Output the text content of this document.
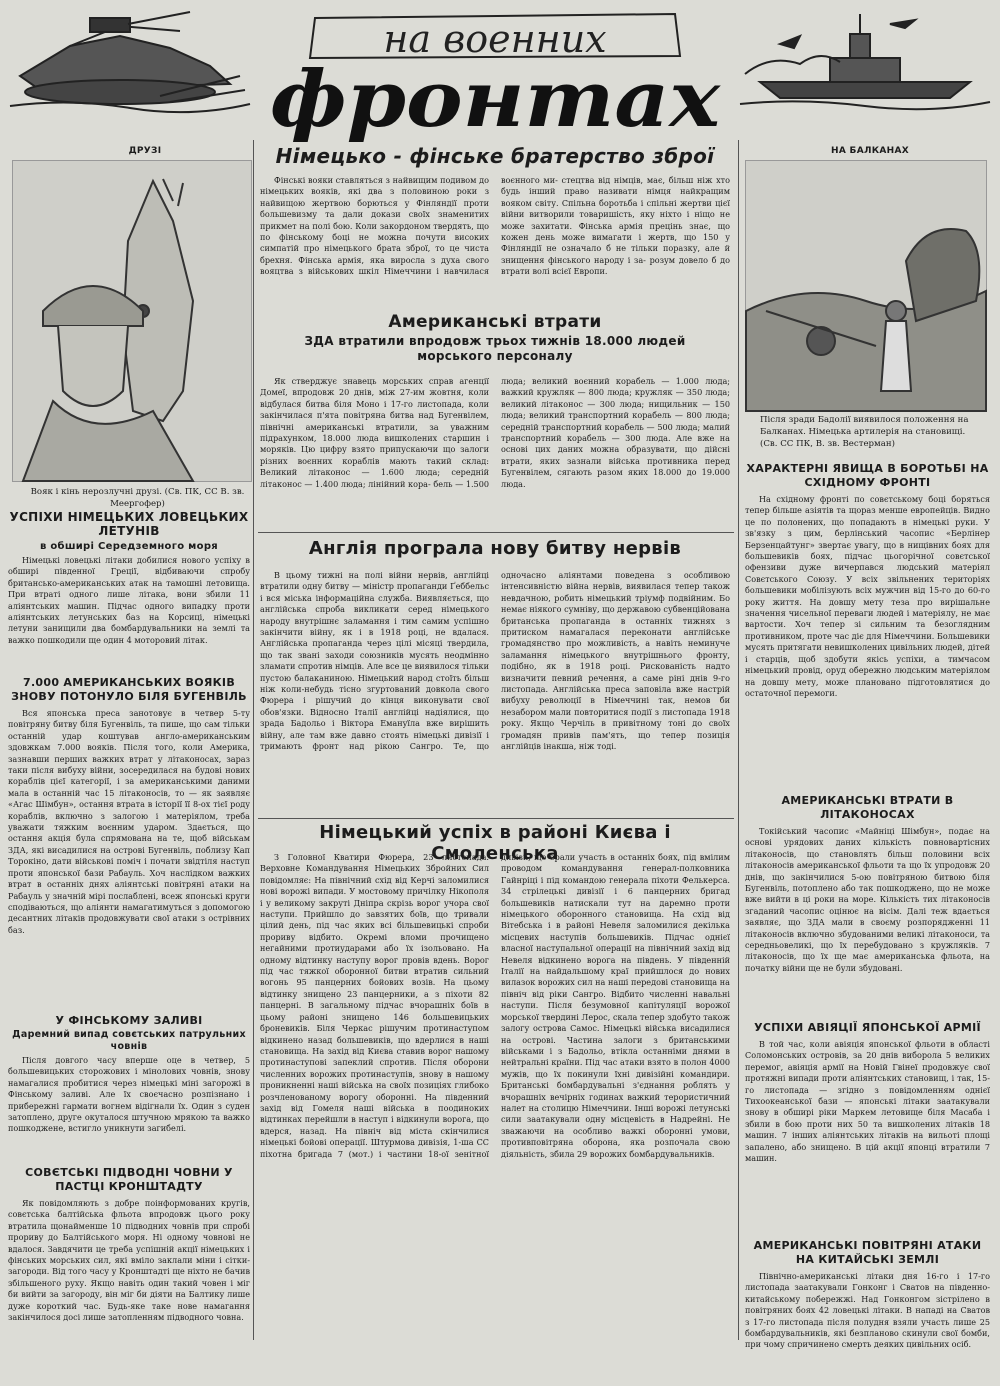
на военних
фронтах
ДРУЗІ
Вояк і кінь нерозлучні друзі. (Св. ПК, СС В. зв. Меергофер)
НА БАЛКАНАХ
Після зради Бадолії виявилося положення на Балканах. Німецька артилерія на становищі. (Св. СС ПК, В. зв. Вестерман)
Німецько - фінське братерство зброї

Фінські вояки ставляться з найвищим подивом до німецьких вояків, які два з половиною роки з найвищою жертвою борються у Фінляндії проти большевизму та дали докази своїх знаменитих прикмет на полі бою. Коли закордоном твердять, що по фінському боці не можна почути високих симпатій про німецького брата зброї, то це чиста брехня. Фінська армія, яка виросла з духа свого вояцтва з військових шкіл Німеччини і навчилася воєнного ми- стецтва від німців, має, більш ніж хто будь інший право називати німця найкращим вояком світу. Спільна боротьба і спільні жертви цієї війни витворили товаришість, яку ніхто і ніщо не може захитати. Фінська армія прецінь знає, що кожен день може вимагати і жертв, що 150 у Фінляндії не означало б не тільки поразку, але й знищення фінського народу і за- розум довело б до втрати волі всієї Европи.

Американські втрати
ЗДА втратили впродовж трьох тижнів 18.000 людей морського персоналу

Як стверджує знавець морських справ агенції Домеї, впродовж 20 днів, між 27-им жовтня, коли відбулася битва біля Моно і 17-го листопада, коли закінчилася п'ята повітряна битва над Бугенвілем, північні американські втратили, за уважним підрахунком, 18.000 люда вишколених старшин і моряків. Цю цифру взято припускаючи що залоги різних воєнних кораблів мають такий склад: Великий літаконос — 1.600 люда; середній літаконос — 1.400 люда; лінійний кора- бель — 1.500 люда; великий воєнний корабель — 1.000 люда; важкий кружляк — 800 люда; кружляк — 350 люда; великий літаконос — 300 люда; нищильник — 150 люда; великий транспортний корабель — 800 люда; середній транспортний корабель — 500 люда; малий транспортний корабель — 300 люда. Але вже на основі цих даних можна образувати, що дійсні втрати, яких зазнали війська противника перед Бугенвілем, сягають разом яких 18.000 до 19.000 люда.

Англія програла нову битву нервів

В цьому тижні на полі війни нервів, англійці втратили одну битву — міністр пропаганди Ґеббельс і вся міська інформаційна служба. Виявляється, що англійська спроба викликати серед німецького народу внутрішнє заламання і тим самим успішно закінчити війну, як і в 1918 році, не вдалася. Англійська пропаганда через цілі місяці твердила, що так звані заходи союзників мусять неодмінно зламати спротив німців. Але все це виявилося тільки пустою балаканиною. Німецький народ стоїть більш ніж коли-небудь тісно згуртований довкола свого Фюрера і рішучий до кінця виконувати свої обов'язки. Відносно Італії англійці надіялися, що зрада Бадольо і Віктора Емануїла вже вирішить війну, але там вже давно стоять німецькі дивізії і тримають фронт над рікою Сангро. Те, що одночасно аліянтами поведена з особливою інтенсивністю війна нервів, виявилася тепер також невдачною, робить німецький тріумф подвійним. Бо немає ніякого сумніву, що державою субвенційована британська пропаганда в останніх тижнях з притиском намагалася переконати англійське громадянство про можливість, а навіть неминуче заламання німецького внутрішнього фронту, подібно, як в 1918 році. Рискованість надто визначити певний речення, а саме ріні днів 9-го листопада. Англійська преса заповіла вже настрій вибуху революції в Німеччині так, немов би незабором мали повторитися події з листопада 1918 року. Якщо Черчіль в привітному тоні до своїх громадян привів пам'ять, що тепер позиція англійців інакша, ніж тоді.

Німецький успіх в районі Києва і Смоленська

З Головної Кватири Фюрера, 23 листопада. Верховне Командування Німецьких Збройних Сил повідомляє: На північний схід від Керчі заломилися нові ворожі випади. У мостовому причілку Нікополя і у великому закрутi Дніпра скрізь ворог учора свої наступи. Прийшло до завзятих боїв, що тривали цілий день, під час яких всі більшевицькі спроби прориву відбито. Окремі вломи прочищено негайними протиударами або їх ізольовано. На одному відтинку наступу ворог провів вдень. Ворог під час тяжкої оборонної битви втратив сильний вогонь 95 панцерних бойових возів. На цьому відтинку знищено 23 панцерники, а з піхоти 82 панцерні. В загальному підчас вчорашніх боїв в цьому районі знищено 146 большевицьких броневиків. Біля Черкас рішучим протинаступом відкинено назад большевиків, що вдерлися в наші становища. На захід від Києва ставив ворог нашому протинаступові запеклий спротив. Після оборони численних ворожих протинаступів, знову в нашому проникненні наші війська на своїх позиціях глибоко розчленованому ворогу обороннi. На південний захід від Гомеля наші війська в поодиноких відтинках перейшли в наступ і відкинули ворога, що вдерся, назад. На північ від міста скінчилися німецькі бойові операції. Штурмова дивізія, 1-ша СС піхотна бригада 7 (мот.) і частини 18-ої зенітної дивізії, що брали участь в останніх боях, під вмілим проводом командування генерал-полковника Гайнріці і під командою генерала піхоти Фелькерса. 34 стрілецькі дивізії і 6 панцерних бригад большевиків натискали тут на даремно проти німецького оборонного становища. На схід від Вітебська і в районі Невеля заломилися декілька місцевих наступів большевиків. Підчас однієї власної наступальної операції на північний захід від Невеля відкинено ворога на південь. У південній Італії на найдальшому краї прийшлося до нових вилазок ворожих сил на наші передові становища на північ від ріки Сангро. Відбито численні навальні наступи. Після безумовної капітуляції ворожої морської твердині Лерос, скала тепер здобуто також залогу острова Самос. Німецькі війська висадилися на острові. Частина залоги з британськими військами і з Бадольо, втікла останніми днями в нейтральні країни. Під час атаки взято в полон 4000 мужів, що їх покинули їхні дивізійні командири. Британські бомбардувальні з'єднання роблять у вчорашніх вечірніх годинах важкий терористичний налет на столицю Німеччини. Інші ворожі летунські сили заатакували одну місцевість в Надрейні. Не зважаючи на особливо важкі оборонні умови, противповітряна оборона, яка розпочала свою діяльність, збила 29 ворожих бомбардувальників.

УСПІХИ НІМЕЦЬКИХ ЛОВЕЦЬКИХ ЛЕТУНІВ
в обширі Середземного моря

Німецькі ловецькі літаки добилися нового успіху в обширі південної Греції, відбиваючи спробу британсько-американських атак на тамошні летовища. При втраті одного лише літака, вони збили 11 аліянтських машин. Підчас одного випадку проти аліянтських летунських баз на Корсиці, німецькі летуни занищили два бомбардувальники на землі та важко пошкодили ще один 4 моторовий літак.

7.000 АМЕРИКАНСЬКИХ ВОЯКІВ ЗНОВУ ПОТОНУЛО БІЛЯ БУГЕНВІЛЬ

Вся японська преса занотовує в четвер 5-ту повітряну битву біля Бугенвіль, та пише, що сам тільки останній удар коштував англо-американським здовжкам 7.000 вояків. Після того, коли Америка, зазнавши перших важких втрат у літаконосах, зараз таки після вибуху війни, зосередилася на будові нових кораблів цієї категорії, і за американськими даними мала в останній час 15 літаконосів, то — як заявляє «Агас Шімбун», остання втрата в історії її 8-ох тієї роду кораблів, включно з залогою і матеріялом, треба уважати тяжким воєнним ударом. Здається, що остання акція була спрямована на те, щоб військам ЗДА, які висадилися на острові Бугенвіль, поблизу Кап Торокіно, дати військові поміч і почати звідтіля наступ проти японської бази Рабауль. Хоч наслідком важких втрат в останніх днях аліянтські повітряні атаки на Рабауль у значній мірі послаблені, всеж японські круги сподіваються, що аліянти намагатимуться з допомогою десантних літаків продовжувати свої атаки з острівних баз.

У ФІНСЬКОМУ ЗАЛИВІ
Даремний випад совєтських патрульних човнів

Після довгого часу вперше оце в четвер, 5 большевицьких сторожових і мінолових човнів, знову намагалися пробитися через німецькі міні загорожі в Фінському заливі. Але їх своєчасно розпізнано і прибережні гармати вогнем відігнали їх. Один з суден затоплено, друге окуталося штучною мрякою та важко пошкоджене, встигло уникнути загибелі.

СОВЄТСЬКІ ПІДВОДНІ ЧОВНИ У ПАСТЦІ КРОНШТАДТУ

Як повідомляють з добре поінформованих кругів, совєтська балтійська фльота впродовж цього року втратила щонайменше 10 підводних човнів при спробі прориву до Балтійського моря. Ні одному човнові не вдалося. Завдячити це треба успішній акції німецьких і фінських морських сил, які вміло заклали міни і сітки-загороди. Від того часу у Кронштадті ще ніхто не бачив збільшеного руху. Якщо навіть один такий човен і міг би вийти за загороду, він міг би діяти на Балтику лише дуже короткий час. Будь-яке таке нове намагання закінчилося досі лише затопленням підводного човна.

ХАРАКТЕРНІ ЯВИЩА В БОРОТЬБІ НА СХІДНОМУ ФРОНТІ

На східному фронті по совєтському боці боряться тепер більше азіятів та щораз менше европейців. Видно це по полонених, що попадають в німецькі руки. У зв'язку з цим, берлінський часопис «Берлінер Берзенцайтунг» звертає увагу, що в нищівних боях для большевиків боях, підчас цьогорічної совєтської офензиви дуже вичерпався людський матеріял Совєтського Союзу. У всіх звільнених територіях большевики мобілізують всіх мужчин від 15-го до 60-го року життя. На довшу мету теза про вирішальне значення чисельної переваги людей і матеріялу, не має вартости. Хоч тепер зі сильним та безоглядним противником, проте час діє для Німеччини. Большевики мусять притягати невишколених цивільних людей, дітей і старців, щоб здобути якісь успіхи, а тимчасом німецький провід, оруд обережно людським матеріялом на довшу мету, може плановано підготовлятися до остаточної перемоги.

АМЕРИКАНСЬКІ ВТРАТИ В ЛІТАКОНОСАХ

Токійський часопис «Майніці Шімбун», подає на основі урядових даних кількість повновартісних літаконосів, що становлять більш половини всіх літаконосів американської фльоти та що їх упродовж 20 днів, що закінчилися 5-ою повітряною битвою біля Бугенвіль, потоплено або так пошкоджено, що не може вже вийти в ці роки на море. Кількість тих літаконосів згаданий часопис оцінює на вісім. Далі теж вдається заявляє, що ЗДА мали в своєму розпорядженні 11 літаконосів включно збудованими великі літаконоси, та середньовеликі, що їх перебудовано з кружляків. 7 літаконосів, що їх ще має американська фльота, на початку війни ще не були збудовані.

УСПІХИ АВІЯЦІЇ ЯПОНСЬКОЇ АРМІЇ

В той час, коли авіяція японської фльоти в області Соломонських островів, за 20 днів виборола 5 великих перемог, авіяція армії на Новій Гвінеї продовжує свої протяжні випади проти аліянтських становищ, і так, 15-го листопада — згідно з повідомленням однієї Тихоокеанської бази — японські літаки заатакували знову в обширі ріки Маркем летовище біля Масаба і збили в бою проти них 50 та вишколених літаків 18 машин. 7 інших аліянтських літаків на вильоті площі запалено, або знищено. В цій акції японці втратили 7 машин.

АМЕРИКАНСЬКІ ПОВІТРЯНІ АТАКИ НА КИТАЙСЬКІ ЗЕМЛІ

Північно-американські літаки дня 16-го і 17-го листопада заатакували Гонконг і Сватов на південно-китайському побережжі. Над Гонконгом зістрілено в повітряних боях 42 ловецькі літаки. В нападі на Сватов з 17-го листопада після полудня взяли участь лише 25 бомбардувальників, які безплановo скинули свої бомби, при чому спричинено смерть деяких цивільних осіб.
